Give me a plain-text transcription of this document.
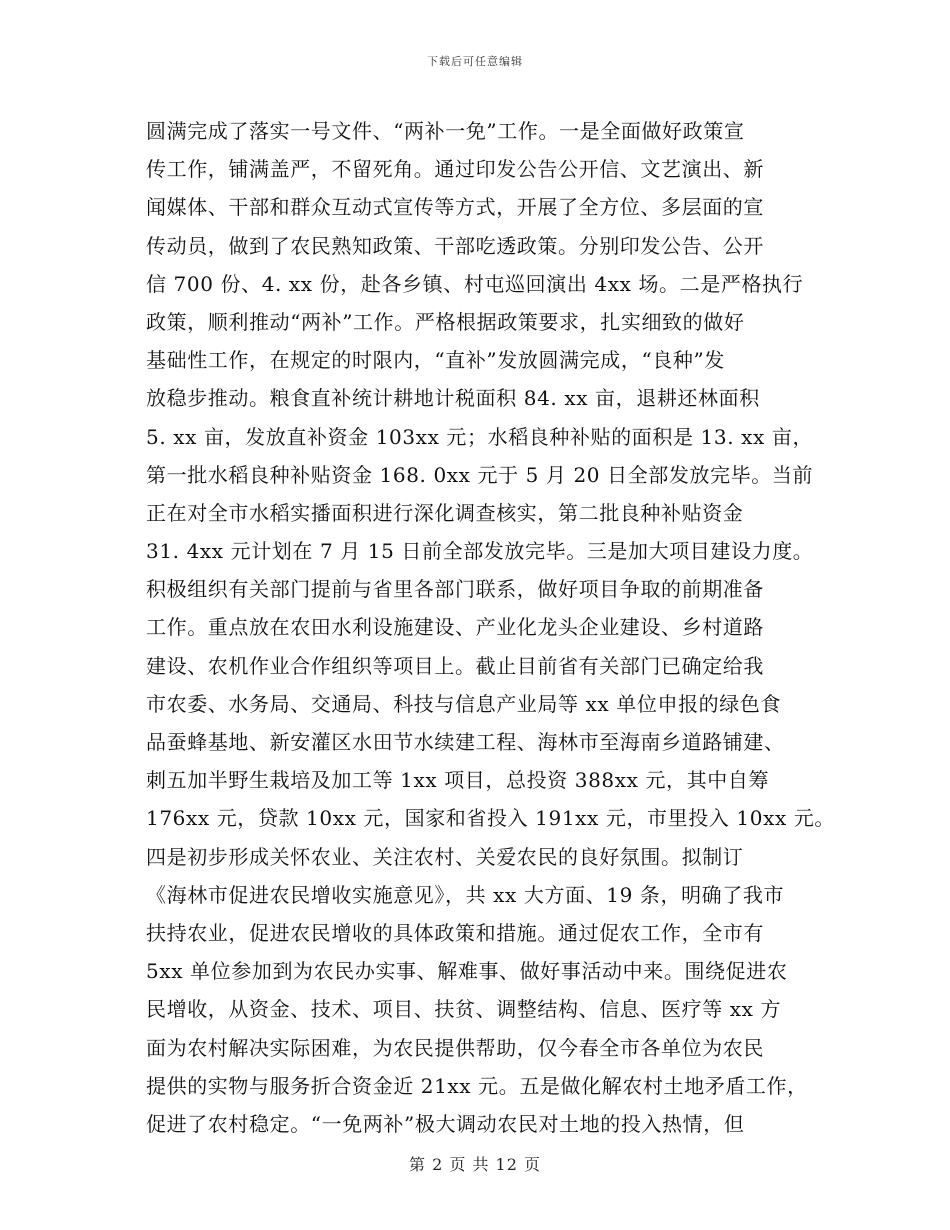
下载后可任意编辑
圆满完成了落实一号文件、“两补一免”工作。一是全面做好政策宣
传工作，铺满盖严，不留死角。通过印发公告公开信、文艺演出、新
闻媒体、干部和群众互动式宣传等方式，开展了全方位、多层面的宣
传动员，做到了农民熟知政策、干部吃透政策。分别印发公告、公开
信 700 份、4. xx 份，赴各乡镇、村屯巡回演出 4xx 场。二是严格执行
政策，顺利推动“两补”工作。严格根据政策要求，扎实细致的做好
基础性工作，在规定的时限内，“直补”发放圆满完成，“良种”发
放稳步推动。粮食直补统计耕地计税面积 84. xx 亩，退耕还林面积
5. xx 亩，发放直补资金 103xx 元；水稻良种补贴的面积是 13. xx 亩，
第一批水稻良种补贴资金 168. 0xx 元于 5 月 20 日全部发放完毕。当前
正在对全市水稻实播面积进行深化调查核实，第二批良种补贴资金
31. 4xx 元计划在 7 月 15 日前全部发放完毕。三是加大项目建设力度。
积极组织有关部门提前与省里各部门联系，做好项目争取的前期准备
工作。重点放在农田水利设施建设、产业化龙头企业建设、乡村道路
建设、农机作业合作组织等项目上。截止目前省有关部门已确定给我
市农委、水务局、交通局、科技与信息产业局等 xx 单位申报的绿色食
品蚕蜂基地、新安灌区水田节水续建工程、海林市至海南乡道路铺建、
刺五加半野生栽培及加工等 1xx 项目，总投资 388xx 元，其中自筹
176xx 元，贷款 10xx 元，国家和省投入 191xx 元，市里投入 10xx 元。
四是初步形成关怀农业、关注农村、关爱农民的良好氛围。拟制订
《海林市促进农民增收实施意见》，共 xx 大方面、19 条，明确了我市
扶持农业，促进农民增收的具体政策和措施。通过促农工作，全市有
5xx 单位参加到为农民办实事、解难事、做好事活动中来。围绕促进农
民增收，从资金、技术、项目、扶贫、调整结构、信息、医疗等 xx 方
面为农村解决实际困难，为农民提供帮助，仅今春全市各单位为农民
提供的实物与服务折合资金近 21xx 元。五是做化解农村土地矛盾工作，
促进了农村稳定。“一免两补”极大调动农民对土地的投入热情，但
第 2 页 共 12 页
